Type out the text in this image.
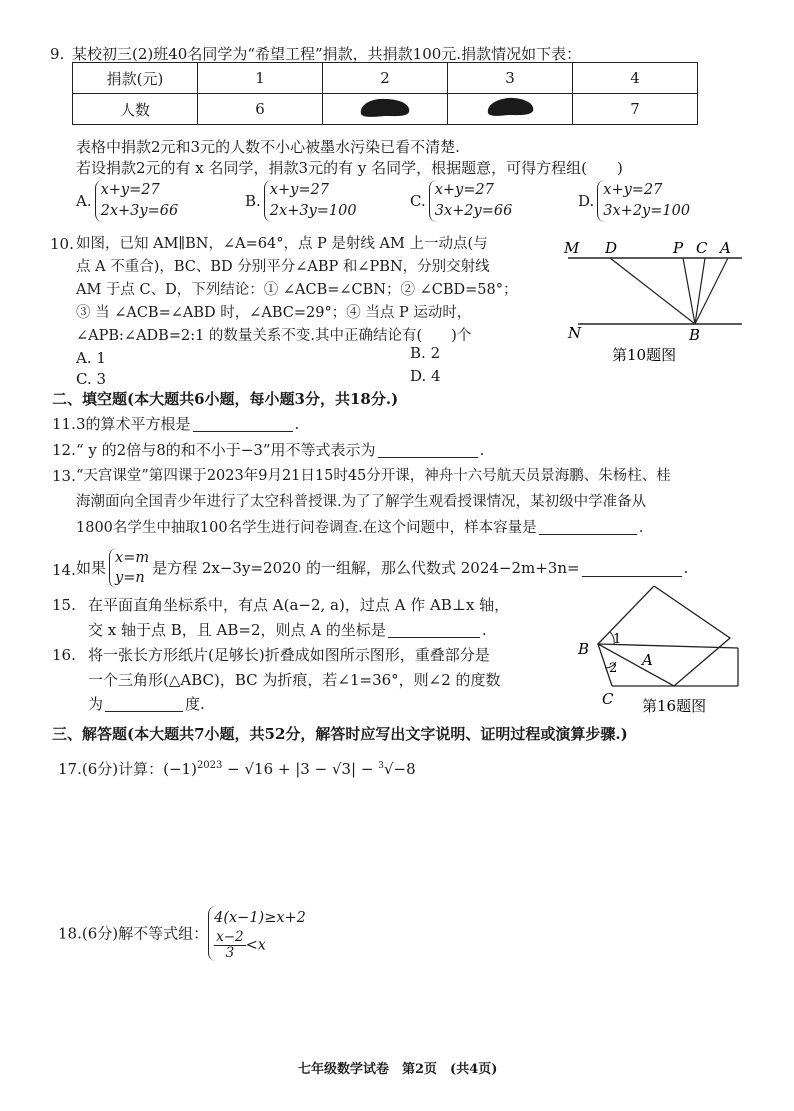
9. 某校初三(2)班40名同学为“希望工程”捐款，共捐款100元.捐款情况如下表：
捐款(元)	1	2	3	4
人数	6			7
表格中捐款2元和3元的人数不小心被墨水污染已看不清楚.
若设捐款2元的有 x 名同学，捐款3元的有 y 名同学，根据题意，可得方程组(　　)
A.x+y=27
2x+3y=66
B.x+y=27
2x+3y=100
C.x+y=27
3x+2y=66
D.x+y=27
3x+2y=100
10. 如图，已知 AM∥BN，∠A=64°，点 P 是射线 AM 上一动点(与
点 A 不重合)，BC、BD 分别平分∠ABP 和∠PBN，分别交射线
AM 于点 C、D，下列结论：① ∠ACB=∠CBN；② ∠CBD=58°；
③ 当 ∠ACB=∠ABD 时，∠ABC=29°；④ 当点 P 运动时，
∠APB:∠ADB=2:1 的数量关系不变.其中正确结论有(　　)个
A. 1	B. 2
C. 3	D. 4
M D	P C A
N	B
第10题图
二、填空题(本大题共6小题，每小题3分，共18分.)
11. 3的算术平方根是	.
12. “ y 的2倍与8的和不小于−3”用不等式表示为	.
13. “天宫课堂”第四课于2023年9月21日15时45分开课，神舟十六号航天员景海鹏、朱杨柱、桂
海潮面向全国青少年进行了太空科普授课.为了了解学生观看授课情况，某初级中学准备从
1800名学生中抽取100名学生进行问卷调查.在这个问题中，样本容量是	.
14. 如果x=m
y=n是方程 2x−3y=2020 的一组解，那么代数式 2024−2m+3n=	.
15. 在平面直角坐标系中，有点 A(a−2, a)，过点 A 作 AB⊥x 轴，
交 x 轴于点 B，且 AB=2，则点 A 的坐标是	.
16. 将一张长方形纸片(足够长)折叠成如图所示图形，重叠部分是
一个三角形(△ABC)，BC 为折痕，若∠1=36°，则∠2 的度数
为	度.
B
A
C
1
2
第16题图
三、解答题(本大题共7小题，共52分，解答时应写出文字说明、证明过程或演算步骤.)
17.(6分)计算：$(-1)^{2023} - √16 + |3 - √3| - ^3√-8$
18.(6分)解不等式组：4(x−1)≥x+2

$\frac{x-2}{3} <x$
七年级数学试卷　第2页　(共4页)
